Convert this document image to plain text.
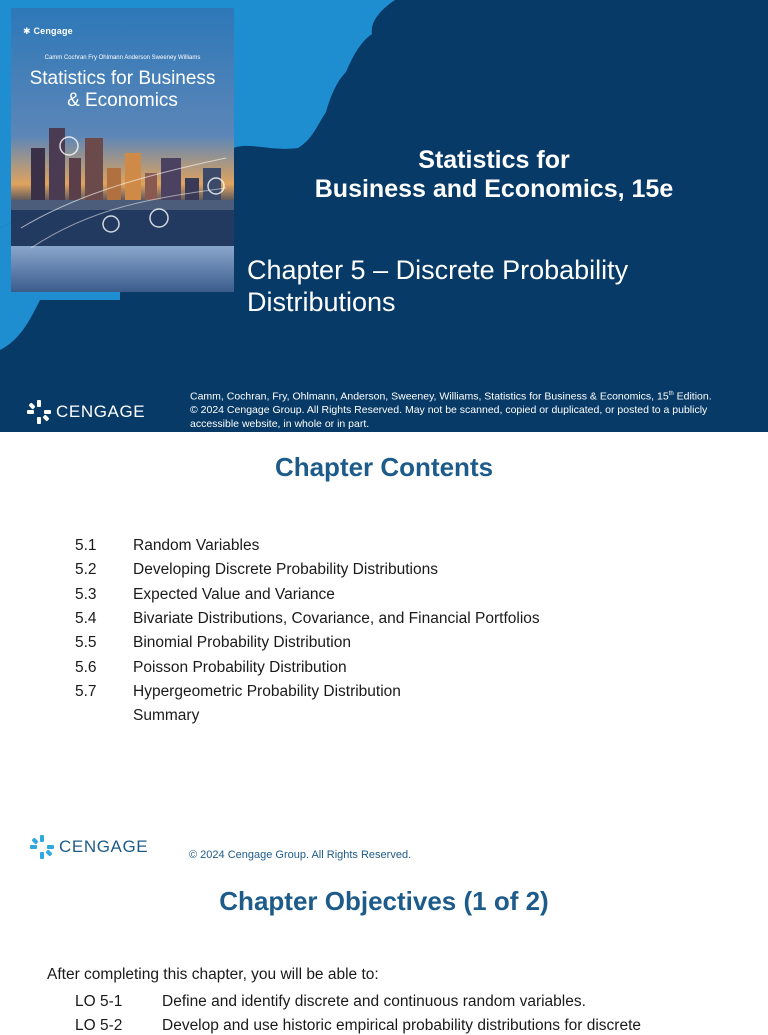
✱ Cengage
Camm Cochran Fry Ohlmann Anderson Sweeney Williams
Statistics for Business
& Economics
Statistics for
Business and Economics, 15e
Chapter 5 – Discrete Probability
Distributions
CENGAGE
Camm, Cochran, Fry, Ohlmann, Anderson, Sweeney, Williams, Statistics for Business & Economics, 15th Edition.
© 2024 Cengage Group. All Rights Reserved. May not be scanned, copied or duplicated, or posted to a publicly accessible website, in whole or in part.
Chapter Contents
5.1	Random Variables
5.2	Developing Discrete Probability Distributions
5.3	Expected Value and Variance
5.4	Bivariate Distributions, Covariance, and Financial Portfolios
5.5	Binomial Probability Distribution
5.6	Poisson Probability Distribution
5.7	Hypergeometric Probability Distribution
Summary
CENGAGE	© 2024 Cengage Group. All Rights Reserved.
Chapter Objectives (1 of 2)
After completing this chapter, you will be able to:
LO 5-1	Define and identify discrete and continuous random variables.
LO 5-2	Develop and use historic empirical probability distributions for discrete
